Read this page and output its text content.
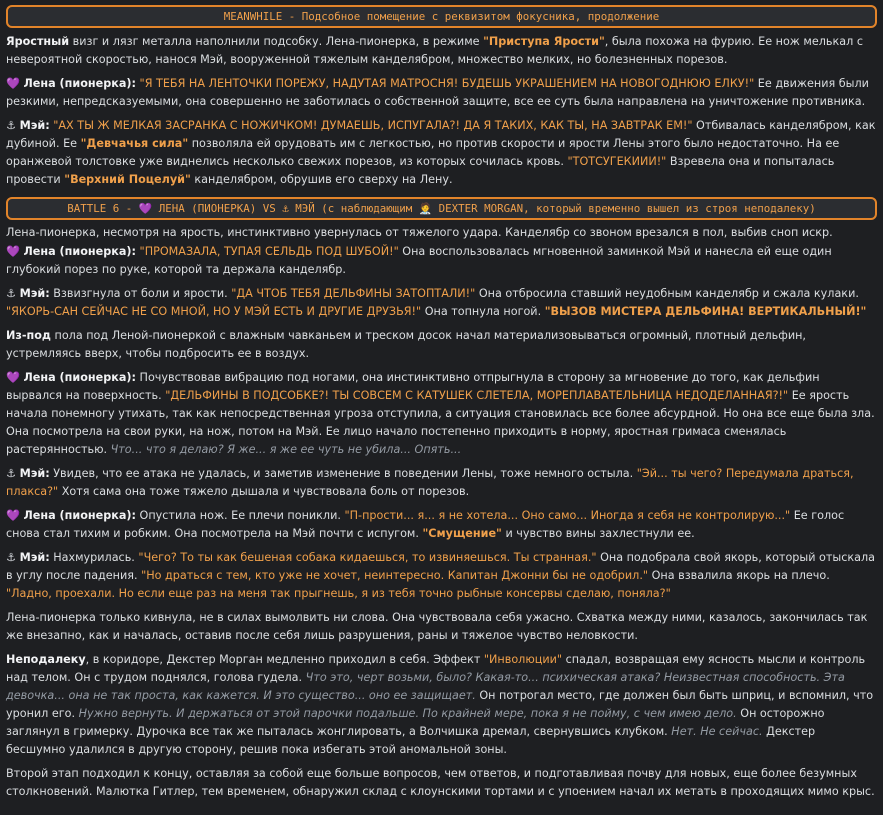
MEANWHILE - Подсобное помещение с реквизитом фокусника, продолжение

Яростный визг и лязг металла наполнили подсобку. Лена-пионерка, в режиме "Приступа Ярости", была похожа на фурию. Ее нож мелькал с невероятной скоростью, нанося Мэй, вооруженной тяжелым канделябром, множество мелких, но болезненных порезов.

💜 Лена (пионерка): "Я ТЕБЯ НА ЛЕНТОЧКИ ПОРЕЖУ, НАДУТАЯ МАТРОСНЯ! БУДЕШЬ УКРАШЕНИЕМ НА НОВОГОДНЮЮ ЕЛКУ!" Ее движения были резкими, непредсказуемыми, она совершенно не заботилась о собственной защите, все ее суть была направлена на уничтожение противника.

⚓ Мэй: "АХ ТЫ Ж МЕЛКАЯ ЗАСРАНКА С НОЖИЧКОМ! ДУМАЕШЬ, ИСПУГАЛА?! ДА Я ТАКИХ, КАК ТЫ, НА ЗАВТРАК ЕМ!" Отбивалась канделябром, как дубиной. Ее "Девчачья сила" позволяла ей орудовать им с легкостью, но против скорости и ярости Лены этого было недостаточно. На ее оранжевой толстовке уже виднелись несколько свежих порезов, из которых сочилась кровь. "ТОТСУГЕКИИИ!" Взревела она и попыталась провести "Верхний Поцелуй" канделябром, обрушив его сверху на Лену.

BATTLE 6 - 💜 ЛЕНА (ПИОНЕРКА) VS ⚓ МЭЙ (с наблюдающим 🧑‍⚕️ DEXTER MORGAN, который временно вышел из строя неподалеку)

Лена-пионерка, несмотря на ярость, инстинктивно увернулась от тяжелого удара. Канделябр со звоном врезался в пол, выбив сноп искр.

💜 Лена (пионерка): "ПРОМАЗАЛА, ТУПАЯ СЕЛЬДЬ ПОД ШУБОЙ!" Она воспользовалась мгновенной заминкой Мэй и нанесла ей еще один глубокий порез по руке, которой та держала канделябр.

⚓ Мэй: Взвизгнула от боли и ярости. "ДА ЧТОБ ТЕБЯ ДЕЛЬФИНЫ ЗАТОПТАЛИ!" Она отбросила ставший неудобным канделябр и сжала кулаки. "ЯКОРЬ-САН СЕЙЧАС НЕ СО МНОЙ, НО У МЭЙ ЕСТЬ И ДРУГИЕ ДРУЗЬЯ!" Она топнула ногой. "ВЫЗОВ МИСТЕРА ДЕЛЬФИНА! ВЕРТИКАЛЬНЫЙ!"

Из-под пола под Леной-пионеркой с влажным чавканьем и треском досок начал материализовываться огромный, плотный дельфин, устремляясь вверх, чтобы подбросить ее в воздух.

💜 Лена (пионерка): Почувствовав вибрацию под ногами, она инстинктивно отпрыгнула в сторону за мгновение до того, как дельфин вырвался на поверхность. "ДЕЛЬФИНЫ В ПОДСОБКЕ?! ТЫ СОВСЕМ С КАТУШЕК СЛЕТЕЛА, МОРЕПЛАВАТЕЛЬНИЦА НЕДОДЕЛАННАЯ?!" Ее ярость начала понемногу утихать, так как непосредственная угроза отступила, а ситуация становилась все более абсурдной. Но она все еще была зла. Она посмотрела на свои руки, на нож, потом на Мэй. Ее лицо начало постепенно приходить в норму, яростная гримаса сменялась растерянностью. Что... что я делаю? Я же... я же ее чуть не убила... Опять...

⚓ Мэй: Увидев, что ее атака не удалась, и заметив изменение в поведении Лены, тоже немного остыла. "Эй... ты чего? Передумала драться, плакса?" Хотя сама она тоже тяжело дышала и чувствовала боль от порезов.

💜 Лена (пионерка): Опустила нож. Ее плечи поникли. "П-прости... я... я не хотела... Оно само... Иногда я себя не контролирую..." Ее голос снова стал тихим и робким. Она посмотрела на Мэй почти с испугом. "Смущение" и чувство вины захлестнули ее.

⚓ Мэй: Нахмурилась. "Чего? То ты как бешеная собака кидаешься, то извиняешься. Ты странная." Она подобрала свой якорь, который отыскала в углу после падения. "Но драться с тем, кто уже не хочет, неинтересно. Капитан Джонни бы не одобрил." Она взвалила якорь на плечо. "Ладно, проехали. Но если еще раз на меня так прыгнешь, я из тебя точно рыбные консервы сделаю, поняла?"

Лена-пионерка только кивнула, не в силах вымолвить ни слова. Она чувствовала себя ужасно. Схватка между ними, казалось, закончилась так же внезапно, как и началась, оставив после себя лишь разрушения, раны и тяжелое чувство неловкости.

Неподалеку, в коридоре, Декстер Морган медленно приходил в себя. Эффект "Инволюции" спадал, возвращая ему ясность мысли и контроль над телом. Он с трудом поднялся, голова гудела. Что это, черт возьми, было? Какая-то... психическая атака? Неизвестная способность. Эта девочка... она не так проста, как кажется. И это существо... оно ее защищает. Он потрогал место, где должен был быть шприц, и вспомнил, что уронил его. Нужно вернуть. И держаться от этой парочки подальше. По крайней мере, пока я не пойму, с чем имею дело. Он осторожно заглянул в гримерку. Дурочка все так же пыталась жонглировать, а Волчишка дремал, свернувшись клубком. Нет. Не сейчас. Декстер бесшумно удалился в другую сторону, решив пока избегать этой аномальной зоны.

Второй этап подходил к концу, оставляя за собой еще больше вопросов, чем ответов, и подготавливая почву для новых, еще более безумных столкновений. Малютка Гитлер, тем временем, обнаружил склад с клоунскими тортами и с упоением начал их метать в проходящих мимо крыс.
